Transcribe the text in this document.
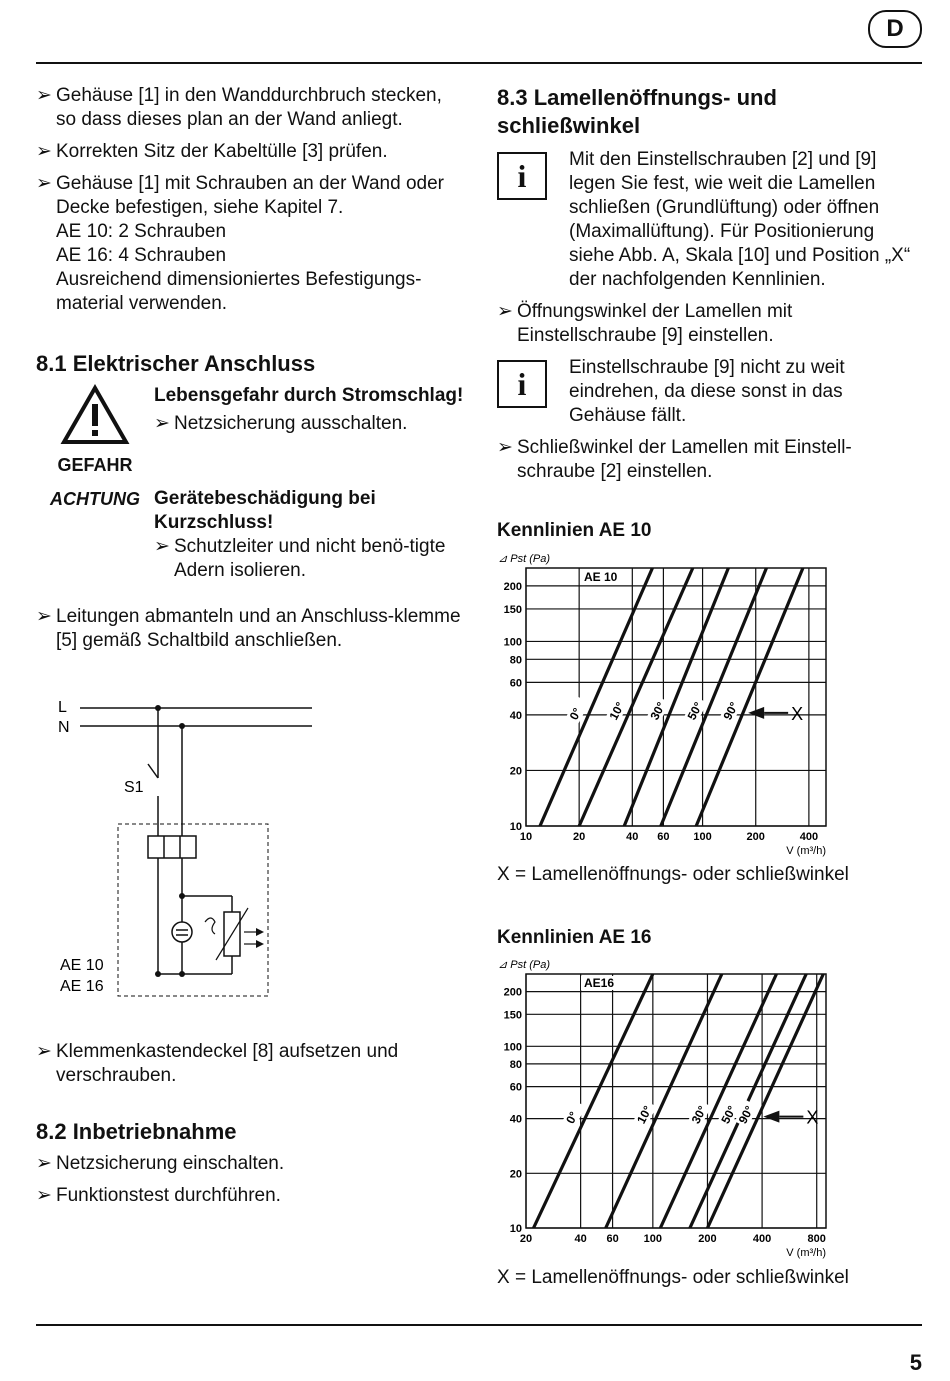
D
➢ Gehäuse [1] in den Wanddurchbruch stecken, so dass dieses plan an der Wand anliegt.
➢ Korrekten Sitz der Kabeltülle [3] prüfen.
➢ Gehäuse [1] mit Schrauben an der Wand oder Decke befestigen, siehe Kapitel 7.
AE 10: 2 Schrauben
AE 16: 4 Schrauben
Ausreichend dimensioniertes Befestigungs-material verwenden.
8.1 Elektrischer Anschluss
GEFAHR
Lebensgefahr durch Stromschlag!
➢ Netzsicherung ausschalten.
ACHTUNG Gerätebeschädigung bei Kurzschluss!
➢ Schutzleiter und nicht benö-tigte Adern isolieren.
➢ Leitungen abmanteln und an Anschluss-klemme [5] gemäß Schaltbild anschließen.
L
N
S1
AE 10
AE 16
➢ Klemmenkastendeckel [8] aufsetzen und verschrauben.
8.2 Inbetriebnahme
➢ Netzsicherung einschalten.
➢ Funktionstest durchführen.
8.3 Lamellenöffnungs- und schließwinkel
i	Mit den Einstellschrauben [2] und [9] legen Sie fest, wie weit die Lamellen schließen (Grundlüftung) oder öffnen (Maximallüftung). Für Positionierung siehe Abb. A, Skala [10] und Position „X“ der nachfolgenden Kennlinien.
➢ Öffnungswinkel der Lamellen mit Einstellschraube [9] einstellen.
i	Einstellschraube [9] nicht zu weit eindrehen, da diese sonst in das Gehäuse fällt.
➢ Schließwinkel der Lamellen mit Einstell-schraube [2] einstellen.
Kennlinien AE 10
10	20	40 60 100	200	400
10
20
40
60
80
100
150
200
⊿ Pst (Pa)
V (m³/h)
AE 10
0° 10° 30° 50° 90°	X
X = Lamellenöffnungs- oder schließwinkel
Kennlinien AE 16
20	40 60 100	200	400	800
10
20
40
60
80
100
150
200
⊿ Pst (Pa)
V (m³/h)
AE16
0°	10°	30° 50°
90°	X
X = Lamellenöffnungs- oder schließwinkel
5
